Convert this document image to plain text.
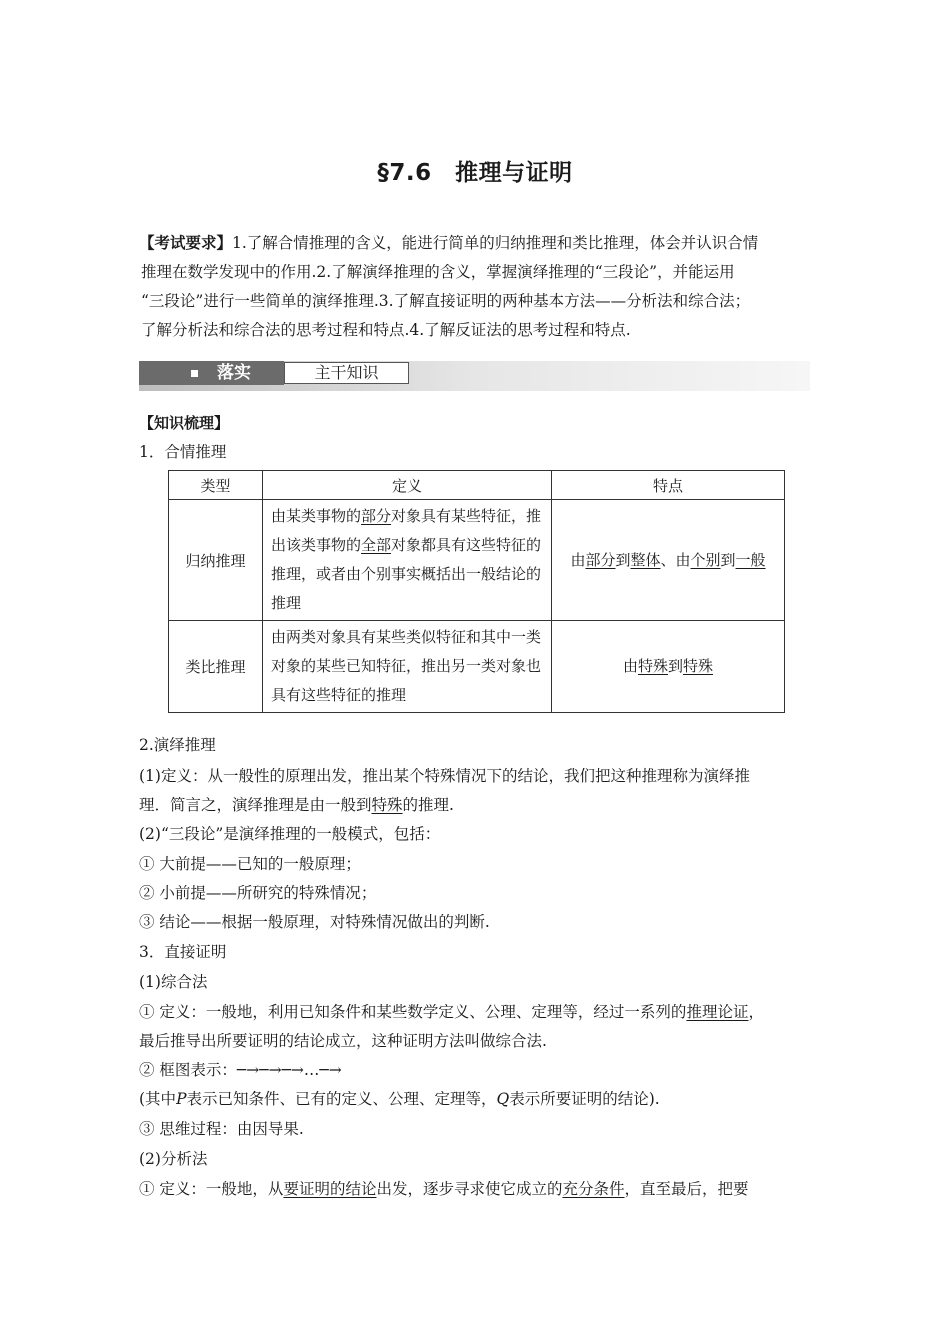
§7.6　推理与证明
【考试要求】1.了解合情推理的含义，能进行简单的归纳推理和类比推理，体会并认识合情
推理在数学发现中的作用.2.了解演绎推理的含义，掌握演绎推理的“三段论”，并能运用
“三段论”进行一些简单的演绎推理.3.了解直接证明的两种基本方法——分析法和综合法；
了解分析法和综合法的思考过程和特点.4.了解反证法的思考过程和特点.
落实	主干知识
【知识梳理】
1．合情推理
类型	定义	特点
归纳推理	由某类事物的部分对象具有某些特征，推出该类事物的全部对象都具有这些特征的推理，或者由个别事实概括出一般结论的推理	由部分到整体、由个别到一般

类比推理	由两类对象具有某些类似特征和其中一类对象的某些已知特征，推出另一类对象也具有这些特征的推理	由特殊到特殊
2.演绎推理
(1)定义：从一般性的原理出发，推出某个特殊情况下的结论，我们把这种推理称为演绎推
理．简言之，演绎推理是由一般到特殊的推理.
(2)“三段论”是演绎推理的一般模式，包括：
① 大前提——已知的一般原理；
② 小前提——所研究的特殊情况；
③ 结论——根据一般原理，对特殊情况做出的判断.
3．直接证明
(1)综合法
① 定义：一般地，利用已知条件和某些数学定义、公理、定理等，经过一系列的推理论证，
最后推导出所要证明的结论成立，这种证明方法叫做综合法.
② 框图表示：─→─→─→…─→
(其中P表示已知条件、已有的定义、公理、定理等，Q表示所要证明的结论).
③ 思维过程：由因导果.
(2)分析法
① 定义：一般地，从要证明的结论出发，逐步寻求使它成立的充分条件，直至最后，把要
